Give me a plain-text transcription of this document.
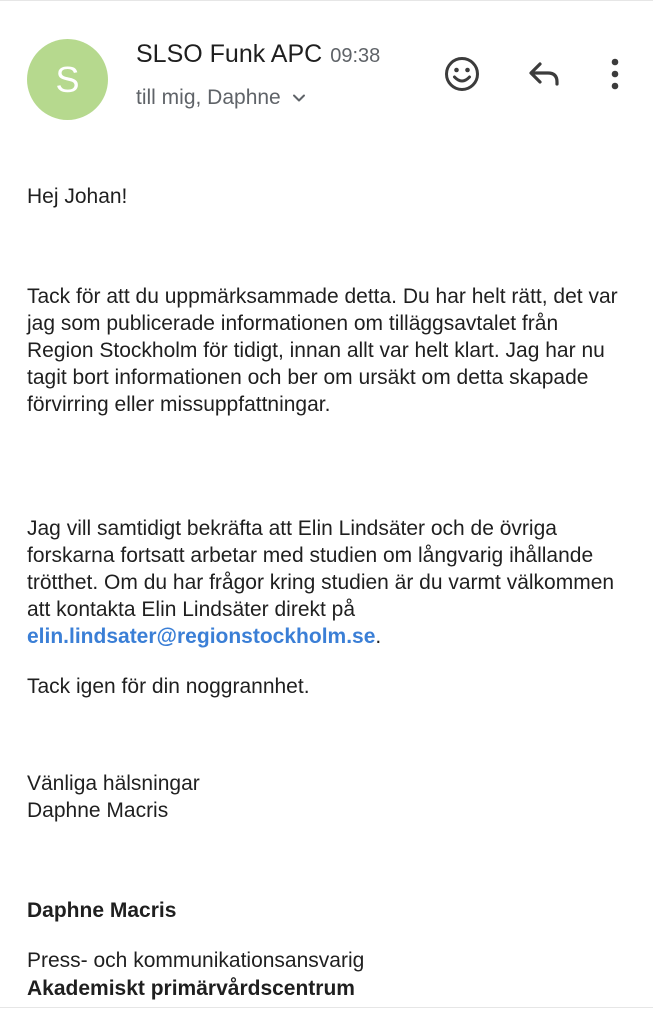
S
SLSO Funk APC 09:38
till mig, Daphne

Hej Johan!

Tack för att du uppmärksammade detta. Du har helt rätt, det var jag som publicerade informationen om tilläggsavtalet från Region Stockholm för tidigt, innan allt var helt klart. Jag har nu tagit bort informationen och ber om ursäkt om detta skapade förvirring eller missuppfattningar.

Jag vill samtidigt bekräfta att Elin Lindsäter och de övriga forskarna fortsatt arbetar med studien om långvarig ihållande trötthet. Om du har frågor kring studien är du varmt välkommen att kontakta Elin Lindsäter direkt på elin.lindsater@regionstockholm.se.

Tack igen för din noggrannhet.

Vänliga hälsningar

Daphne Macris

Daphne Macris

Press- och kommunikationsansvarig

Akademiskt primärvårdscentrum
